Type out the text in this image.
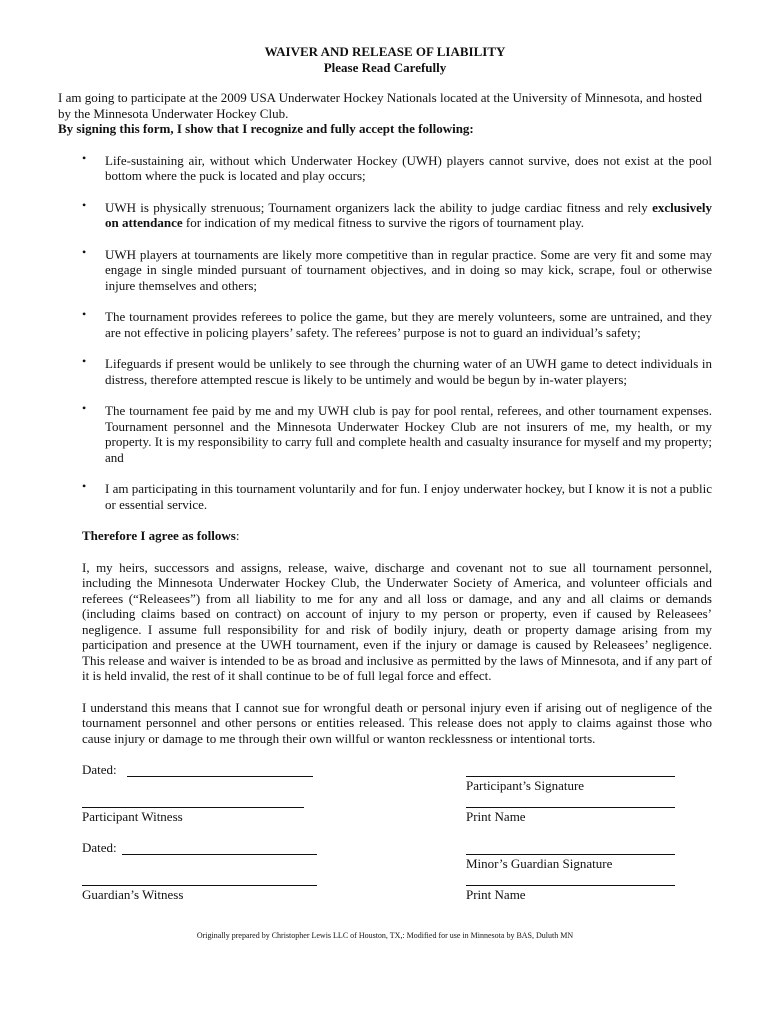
WAIVER AND RELEASE OF LIABILITY
Please Read Carefully

I am going to participate at the 2009 USA Underwater Hockey Nationals located at the University of Minnesota, and hosted by the Minnesota Underwater Hockey Club.

By signing this form, I show that I recognize and fully accept the following:

• Life-sustaining air, without which Underwater Hockey (UWH) players cannot survive, does not exist at the pool bottom where the puck is located and play occurs;
• UWH is physically strenuous; Tournament organizers lack the ability to judge cardiac fitness and rely exclusively on attendance for indication of my medical fitness to survive the rigors of tournament play.
• UWH players at tournaments are likely more competitive than in regular practice. Some are very fit and some may engage in single minded pursuant of tournament objectives, and in doing so may kick, scrape, foul or otherwise injure themselves and others;
• The tournament provides referees to police the game, but they are merely volunteers, some are untrained, and they are not effective in policing players’ safety. The referees’ purpose is not to guard an individual’s safety;
• Lifeguards if present would be unlikely to see through the churning water of an UWH game to detect individuals in distress, therefore attempted rescue is likely to be untimely and would be begun by in-water players;
• The tournament fee paid by me and my UWH club is pay for pool rental, referees, and other tournament expenses. Tournament personnel and the Minnesota Underwater Hockey Club are not insurers of me, my health, or my property. It is my responsibility to carry full and complete health and casualty insurance for myself and my property; and
• I am participating in this tournament voluntarily and for fun. I enjoy underwater hockey, but I know it is not a public or essential service.
Therefore I agree as follows:
I, my heirs, successors and assigns, release, waive, discharge and covenant not to sue all tournament personnel, including the Minnesota Underwater Hockey Club, the Underwater Society of America, and volunteer officials and referees (“Releasees”) from all liability to me for any and all loss or damage, and any and all claims or demands (including claims based on contract) on account of injury to my person or property, even if caused by Releasees’ negligence. I assume full responsibility for and risk of bodily injury, death or property damage arising from my participation and presence at the UWH tournament, even if the injury or damage is caused by Releasees’ negligence. This release and waiver is intended to be as broad and inclusive as permitted by the laws of Minnesota, and if any part of it is held invalid, the rest of it shall continue to be of full legal force and effect.
I understand this means that I cannot sue for wrongful death or personal injury even if arising out of negligence of the tournament personnel and other persons or entities released. This release does not apply to claims against those who cause injury or damage to me through their own willful or wanton recklessness or intentional torts.
Dated:
Participant’s Signature
Participant Witness	Print Name
Dated:
Minor’s Guardian Signature
Guardian’s Witness	Print Name
Originally prepared by Christopher Lewis LLC of Houston, TX,: Modified for use in Minnesota by BAS, Duluth MN
